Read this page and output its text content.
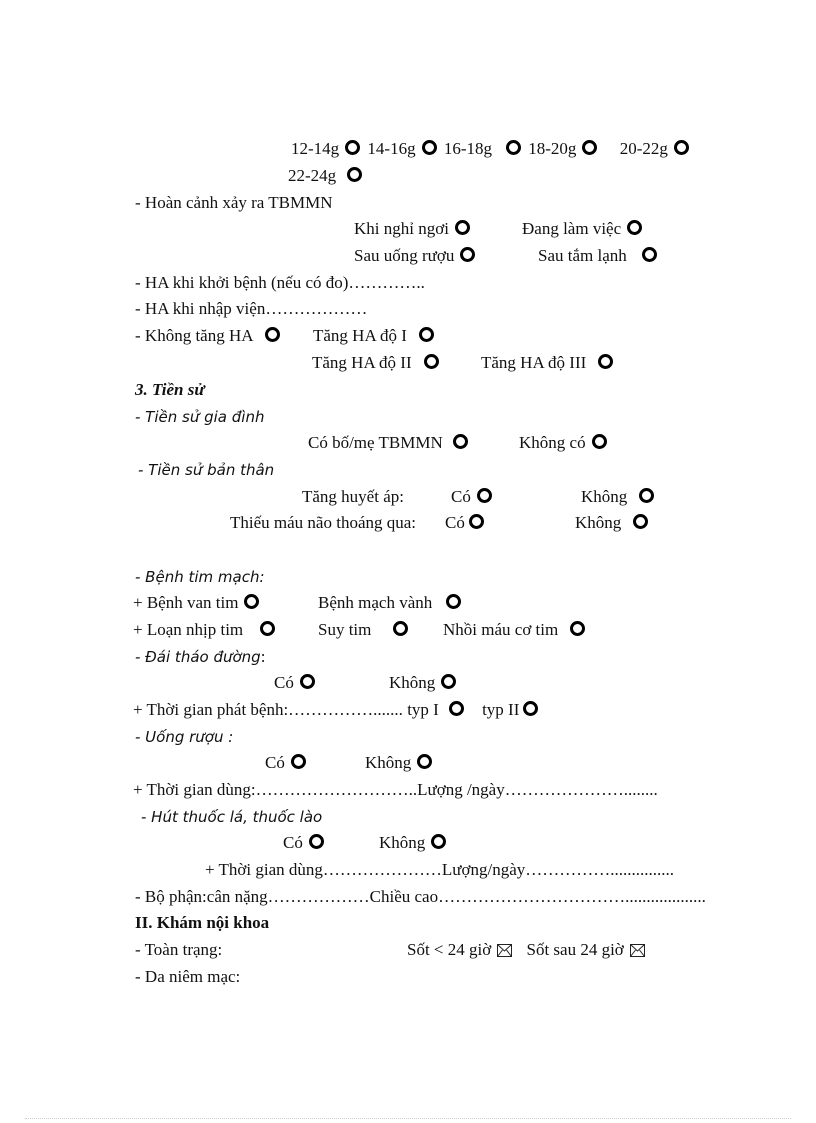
12-14g 14-16g 16-18g 18-20g	20-22g
22-24g
- Hoàn cảnh xảy ra TBMMN
Khi nghỉ ngơi	Đang làm việc
Sau uống rượu	Sau tắm lạnh
- HA khi khởi bệnh (nếu có đo)…………..
- HA khi nhập viện………………
- Không tăng HA	Tăng HA độ I
Tăng HA độ II	Tăng HA độ III
3. Tiền sử
- Tiền sử gia đình
Có bố/mẹ TBMMN	Không có
- Tiền sử bản thân
Tăng huyết áp:	Có	Không
Thiếu máu não thoáng qua: Có	Không
- Bệnh tim mạch:
+ Bệnh van tim	Bệnh mạch vành
+ Loạn nhịp tim	Suy tim	Nhồi máu cơ tim
- Đái tháo đường:
Có	Không
+ Thời gian phát bệnh:……………....... typ I	typ II
- Uống rượu :
Có	Không
+ Thời gian dùng:………………………..Lượng /ngày…………………........
- Hút thuốc lá, thuốc lào
Có	Không
+ Thời gian dùng…………………Lượng/ngày……………...............
- Bộ phận:cân nặng………………Chiều cao……………………………...................
II. Khám nội khoa
- Toàn trạng:	Sốt < 24 giờ Sốt sau 24 giờ
- Da niêm mạc:
